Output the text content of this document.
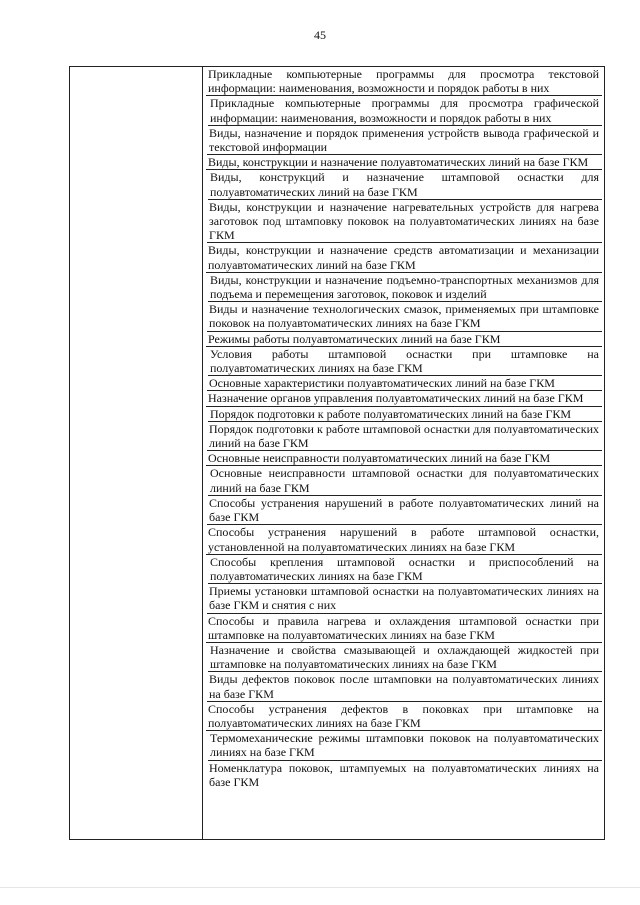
45
Прикладные компьютерные программы для просмотра текстовой информации: наименования, возможности и порядок работы в них
Прикладные компьютерные программы для просмотра графической информации: наименования, возможности и порядок работы в них
Виды, назначение и порядок применения устройств вывода графической и текстовой информации
Виды, конструкции и назначение полуавтоматических линий на базе ГКМ
Виды, конструкций и назначение штамповой оснастки для полуавтоматических линий на базе ГКМ
Виды, конструкции и назначение нагревательных устройств для нагрева заготовок под штамповку поковок на полуавтоматических линиях на базе ГКМ
Виды, конструкции и назначение средств автоматизации и механизации полуавтоматических линий на базе ГКМ
Виды, конструкции и назначение подъемно-транспортных механизмов для подъема и перемещения заготовок, поковок и изделий
Виды и назначение технологических смазок, применяемых при штамповке поковок на полуавтоматических линиях на базе ГКМ
Режимы работы полуавтоматических линий на базе ГКМ
Условия работы штамповой оснастки при штамповке на полуавтоматических линиях на базе ГКМ
Основные характеристики полуавтоматических линий на базе ГКМ
Назначение органов управления полуавтоматических линий на базе ГКМ
Порядок подготовки к работе полуавтоматических линий на базе ГКМ
Порядок подготовки к работе штамповой оснастки для полуавтоматических линий на базе ГКМ
Основные неисправности полуавтоматических линий на базе ГКМ
Основные неисправности штамповой оснастки для полуавтоматических линий на базе ГКМ
Способы устранения нарушений в работе полуавтоматических линий на базе ГКМ
Способы устранения нарушений в работе штамповой оснастки, установленной на полуавтоматических линиях на базе ГКМ
Способы крепления штамповой оснастки и приспособлений на полуавтоматических линиях на базе ГКМ
Приемы установки штамповой оснастки на полуавтоматических линиях на базе ГКМ и снятия с них
Способы и правила нагрева и охлаждения штамповой оснастки при штамповке на полуавтоматических линиях на базе ГКМ
Назначение и свойства смазывающей и охлаждающей жидкостей при штамповке на полуавтоматических линиях на базе ГКМ
Виды дефектов поковок после штамповки на полуавтоматических линиях на базе ГКМ
Способы устранения дефектов в поковках при штамповке на полуавтоматических линиях на базе ГКМ
Термомеханические режимы штамповки поковок на полуавтоматических линиях на базе ГКМ
Номенклатура поковок, штампуемых на полуавтоматических линиях на базе ГКМ
